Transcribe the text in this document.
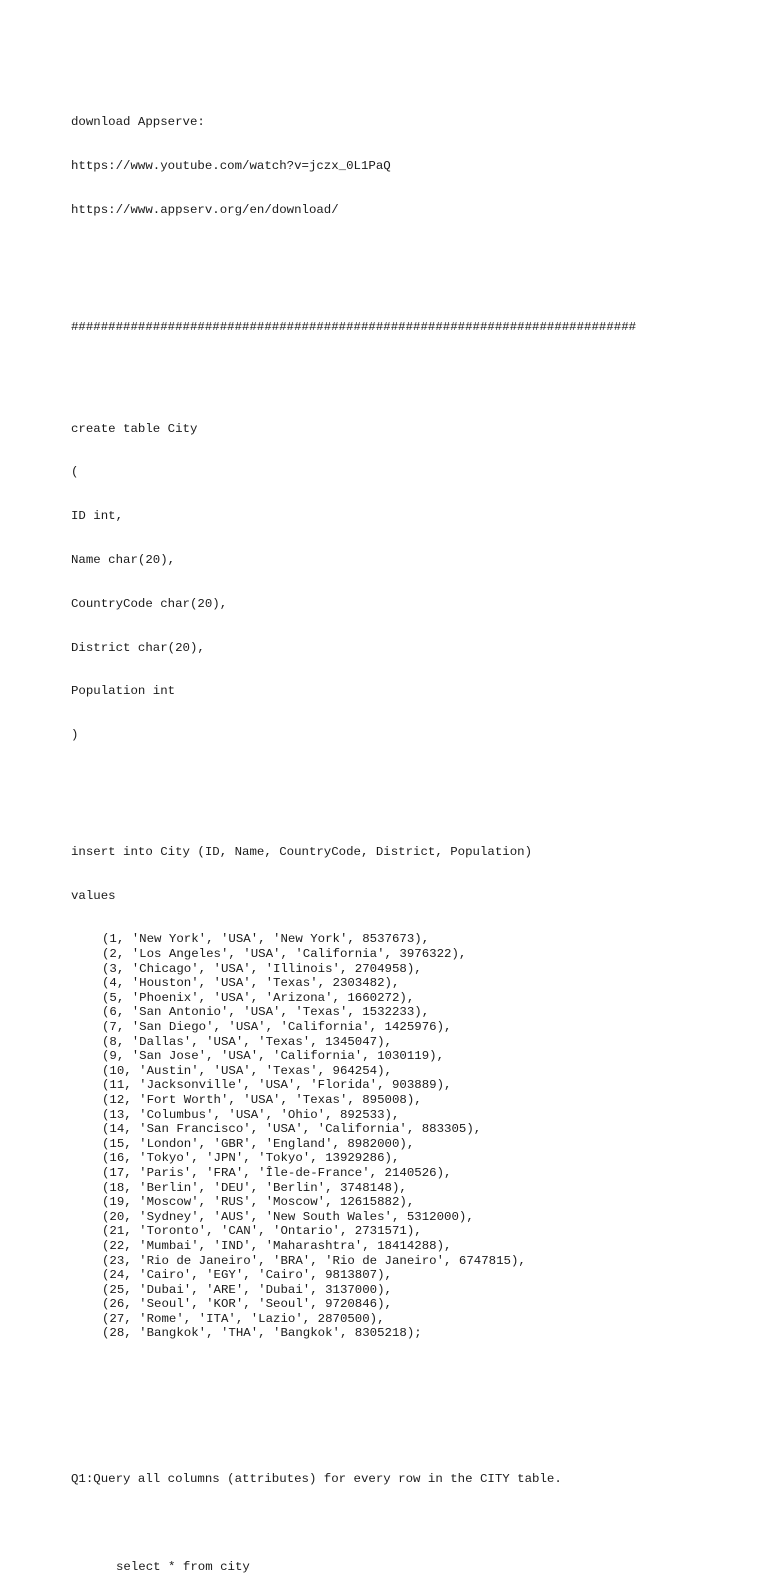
download Appserve:

https://www.youtube.com/watch?v=jczx_0L1PaQ

https://www.appserv.org/en/download/

############################################################################

create table City

(

ID int,

Name char(20),

CountryCode char(20),

District char(20),

Population int

)

insert into City (ID, Name, CountryCode, District, Population)

values

(1, 'New York', 'USA', 'New York', 8537673),
(2, 'Los Angeles', 'USA', 'California', 3976322),
(3, 'Chicago', 'USA', 'Illinois', 2704958),
(4, 'Houston', 'USA', 'Texas', 2303482),
(5, 'Phoenix', 'USA', 'Arizona', 1660272),
(6, 'San Antonio', 'USA', 'Texas', 1532233),
(7, 'San Diego', 'USA', 'California', 1425976),
(8, 'Dallas', 'USA', 'Texas', 1345047),
(9, 'San Jose', 'USA', 'California', 1030119),
(10, 'Austin', 'USA', 'Texas', 964254),
(11, 'Jacksonville', 'USA', 'Florida', 903889),
(12, 'Fort Worth', 'USA', 'Texas', 895008),
(13, 'Columbus', 'USA', 'Ohio', 892533),
(14, 'San Francisco', 'USA', 'California', 883305),
(15, 'London', 'GBR', 'England', 8982000),
(16, 'Tokyo', 'JPN', 'Tokyo', 13929286),
(17, 'Paris', 'FRA', 'Île-de-France', 2140526),
(18, 'Berlin', 'DEU', 'Berlin', 3748148),
(19, 'Moscow', 'RUS', 'Moscow', 12615882),
(20, 'Sydney', 'AUS', 'New South Wales', 5312000),
(21, 'Toronto', 'CAN', 'Ontario', 2731571),
(22, 'Mumbai', 'IND', 'Maharashtra', 18414288),
(23, 'Rio de Janeiro', 'BRA', 'Rio de Janeiro', 6747815),
(24, 'Cairo', 'EGY', 'Cairo', 9813807),
(25, 'Dubai', 'ARE', 'Dubai', 3137000),
(26, 'Seoul', 'KOR', 'Seoul', 9720846),
(27, 'Rome', 'ITA', 'Lazio', 2870500),
(28, 'Bangkok', 'THA', 'Bangkok', 8305218);

Q1:Query all columns (attributes) for every row in the CITY table.

select * from city
